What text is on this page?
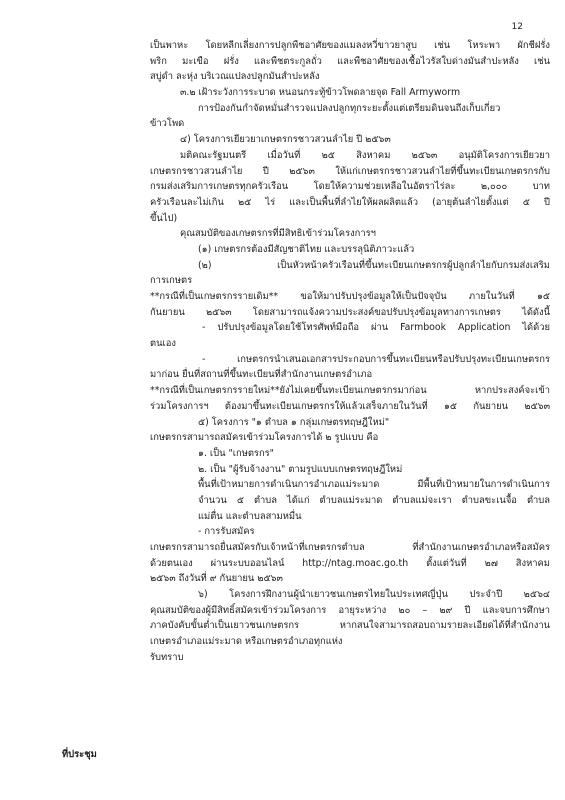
12
เป็นพาหะ โดยหลีกเลี่ยงการปลูกพืชอาศัยของแมลงหวี่ขาวยาสูบ เช่น โหระพา ผักชีฝรั่ง
พริก มะเขือ ฝรั่ง และพืชตระกูลถั่ว และพืชอาศัยของเชื้อไวรัสใบด่างมันสำปะหลัง เช่น
สบู่ดำ ละหุ่ง บริเวณแปลงปลูกมันสำปะหลัง
๓.๒ เฝ้าระวังการระบาด หนอนกระทู้ข้าวโพดลายจุด Fall Armyworm
การป้องกันกำจัดหมั่นสำรวจแปลงปลูกทุกระยะตั้งแต่เตรียมดินจนถึงเก็บเกี่ยว
ข้าวโพด
๔) โครงการเยียวยาเกษตรกรชาวสวนลำไย ปี ๒๕๖๓
มติคณะรัฐมนตรี เมื่อวันที่ ๒๕ สิงหาคม ๒๕๖๓ อนุมัติโครงการเยียวยา
เกษตรกรชาวสวนลำไย ปี ๒๕๖๓ ให้แก่เกษตรกรชาวสวนลำไยที่ขึ้นทะเบียนเกษตรกรกับ
กรมส่งเสริมการเกษตรทุกครัวเรือน โดยให้ความช่วยเหลือในอัตราไร่ละ ๒,๐๐๐ บาท
ครัวเรือนละไม่เกิน ๒๕ ไร่ และเป็นพื้นที่ลำไยให้ผลผลิตแล้ว (อายุต้นลำไยตั้งแต่ ๕ ปี
ขึ้นไป)
คุณสมบัติของเกษตรกรที่มีสิทธิเข้าร่วมโครงการฯ
(๑) เกษตรกรต้องมีสัญชาติไทย และบรรลุนิติภาวะแล้ว
(๒) เป็นหัวหน้าครัวเรือนที่ขึ้นทะเบียนเกษตรกรผู้ปลูกลำไยกับกรมส่งเสริม
การเกษตร
**กรณีที่เป็นเกษตรกรรายเดิม** ขอให้มาปรับปรุงข้อมูลให้เป็นปัจจุบัน ภายในวันที่ ๑๕
กันยายน ๒๕๖๓ โดยสามารถแจ้งความประสงค์ขอปรับปรุงข้อมูลทางการเกษตร ได้ดังนี้
- ปรับปรุงข้อมูลโดยใช้โทรศัพท์มือถือ ผ่าน Farmbook Application ได้ด้วย
ตนเอง
- เกษตรกรนำเสนอเอกสารประกอบการขึ้นทะเบียนหรือปรับปรุงทะเบียนเกษตรกร
มาก่อน ยื่นที่สถานที่ขึ้นทะเบียนที่สำนักงานเกษตรอำเภอ
**กรณีที่เป็นเกษตรกรรายใหม่**ยังไม่เคยขึ้นทะเบียนเกษตรกรมาก่อน หากประสงค์จะเข้า
ร่วมโครงการฯ ต้องมาขึ้นทะเบียนเกษตรกรให้แล้วเสร็จภายในวันที่ ๑๕ กันยายน ๒๕๖๓
๕) โครงการ "๑ ตำบล ๑ กลุ่มเกษตรทฤษฎีใหม่"
เกษตรกรสามารถสมัครเข้าร่วมโครงการได้ ๒ รูปแบบ คือ
๑. เป็น "เกษตรกร"
๒. เป็น "ผู้รับจ้างงาน" ตามรูปแบบเกษตรทฤษฎีใหม่
พื้นที่เป้าหมายการดำเนินการอำเภอแม่ระมาด มีพื้นที่เป้าหมายในการดำเนินการ
จำนวน ๕ ตำบล ได้แก่ ตำบลแม่ระมาด ตำบลแม่จะเรา ตำบลขะเนจื้อ ตำบล
แม่ตื่น และตำบลสามหมื่น
- การรับสมัคร
เกษตรกรสามารถยื่นสมัครกับเจ้าหน้าที่เกษตรกรตำบล ที่สำนักงานเกษตรอำเภอหรือสมัคร
ด้วยตนเอง ผ่านระบบออนไลน์ http://ntag.moac.go.th ตั้งแต่วันที่ ๒๗ สิงหาคม
๒๕๖๓ ถึงวันที่ ๙ กันยายน ๒๕๖๓
๖) โครงการฝึกงานผู้นำเยาวชนเกษตรไทยในประเทศญี่ปุ่น ประจำปี ๒๕๖๔
คุณสมบัติของผู้มีสิทธิ์สมัครเข้าร่วมโครงการ อายุระหว่าง ๒๐ – ๒๙ ปี และจบการศึกษา
ภาคบังคับขั้นต่ำเป็นเยาวชนเกษตรกร หากสนใจสามารถสอบถามรายละเอียดได้ที่สำนักงาน
เกษตรอำเภอแม่ระมาด หรือเกษตรอำเภอทุกแห่ง
รับทราบ
ที่ประชุม
